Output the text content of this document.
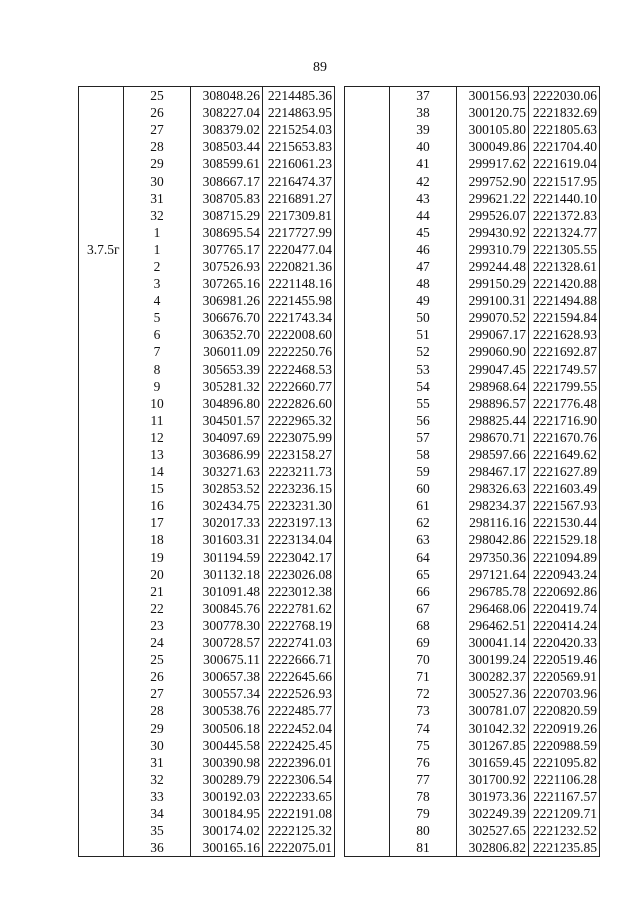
89
	25	308048.26	2214485.36
	26	308227.04	2214863.95
	27	308379.02	2215254.03
	28	308503.44	2215653.83
	29	308599.61	2216061.23
	30	308667.17	2216474.37
	31	308705.83	2216891.27
	32	308715.29	2217309.81
	1	308695.54	2217727.99
3.7.5г	1	307765.17	2220477.04
	2	307526.93	2220821.36
	3	307265.16	2221148.16
	4	306981.26	2221455.98
	5	306676.70	2221743.34
	6	306352.70	2222008.60
	7	306011.09	2222250.76
	8	305653.39	2222468.53
	9	305281.32	2222660.77
	10	304896.80	2222826.60
	11	304501.57	2222965.32
	12	304097.69	2223075.99
	13	303686.99	2223158.27
	14	303271.63	2223211.73
	15	302853.52	2223236.15
	16	302434.75	2223231.30
	17	302017.33	2223197.13
	18	301603.31	2223134.04
	19	301194.59	2223042.17
	20	301132.18	2223026.08
	21	301091.48	2223012.38
	22	300845.76	2222781.62
	23	300778.30	2222768.19
	24	300728.57	2222741.03
	25	300675.11	2222666.71
	26	300657.38	2222645.66
	27	300557.34	2222526.93
	28	300538.76	2222485.77
	29	300506.18	2222452.04
	30	300445.58	2222425.45
	31	300390.98	2222396.01
	32	300289.79	2222306.54
	33	300192.03	2222233.65
	34	300184.95	2222191.08
	35	300174.02	2222125.32
	36	300165.16	2222075.01
	37	300156.93	2222030.06
	38	300120.75	2221832.69
	39	300105.80	2221805.63
	40	300049.86	2221704.40
	41	299917.62	2221619.04
	42	299752.90	2221517.95
	43	299621.22	2221440.10
	44	299526.07	2221372.83
	45	299430.92	2221324.77
	46	299310.79	2221305.55
	47	299244.48	2221328.61
	48	299150.29	2221420.88
	49	299100.31	2221494.88
	50	299070.52	2221594.84
	51	299067.17	2221628.93
	52	299060.90	2221692.87
	53	299047.45	2221749.57
	54	298968.64	2221799.55
	55	298896.57	2221776.48
	56	298825.44	2221716.90
	57	298670.71	2221670.76
	58	298597.66	2221649.62
	59	298467.17	2221627.89
	60	298326.63	2221603.49
	61	298234.37	2221567.93
	62	298116.16	2221530.44
	63	298042.86	2221529.18
	64	297350.36	2221094.89
	65	297121.64	2220943.24
	66	296785.78	2220692.86
	67	296468.06	2220419.74
	68	296462.51	2220414.24
	69	300041.14	2220420.33
	70	300199.24	2220519.46
	71	300282.37	2220569.91
	72	300527.36	2220703.96
	73	300781.07	2220820.59
	74	301042.32	2220919.26
	75	301267.85	2220988.59
	76	301659.45	2221095.82
	77	301700.92	2221106.28
	78	301973.36	2221167.57
	79	302249.39	2221209.71
	80	302527.65	2221232.52
	81	302806.82	2221235.85
